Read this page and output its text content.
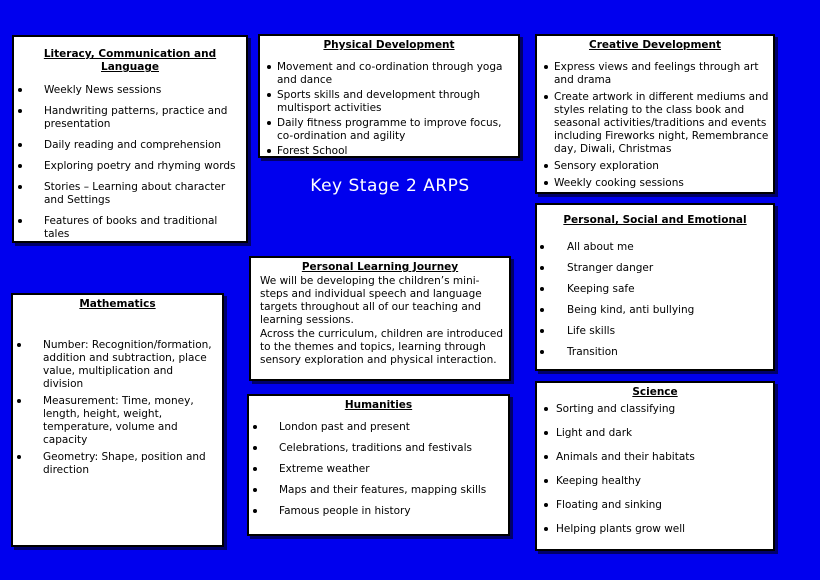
Literacy, Communication and Language
Weekly News sessions
Handwriting patterns, practice and presentation
Daily reading and comprehension
Exploring poetry and rhyming words
Stories – Learning about character and Settings
Features of books and traditional tales
Physical Development
Movement and co-ordination through yoga and dance
Sports skills and development through multisport activities
Daily fitness programme to improve focus, co-ordination and agility
Forest School
Creative Development
Express views and feelings through art and drama
Create artwork in different mediums and styles relating to the class book and seasonal activities/traditions and events including Fireworks night, Remembrance day, Diwali, Christmas
Sensory exploration
Weekly cooking sessions
Key Stage 2 ARPS
Personal, Social and Emotional
All about me
Stranger danger
Keeping safe
Being kind, anti bullying
Life skills
Transition
Personal Learning Journey

We will be developing the children’s mini-steps and individual speech and language targets throughout all of our teaching and learning sessions.

Across the curriculum, children are introduced to the themes and topics, learning through sensory exploration and physical interaction.

Mathematics
Number: Recognition/formation, addition and subtraction, place value, multiplication and division
Measurement: Time, money, length, height, weight, temperature, volume and capacity
Geometry: Shape, position and direction
Humanities
London past and present
Celebrations, traditions and festivals
Extreme weather
Maps and their features, mapping skills
Famous people in history
Science
Sorting and classifying
Light and dark
Animals and their habitats
Keeping healthy
Floating and sinking
Helping plants grow well
